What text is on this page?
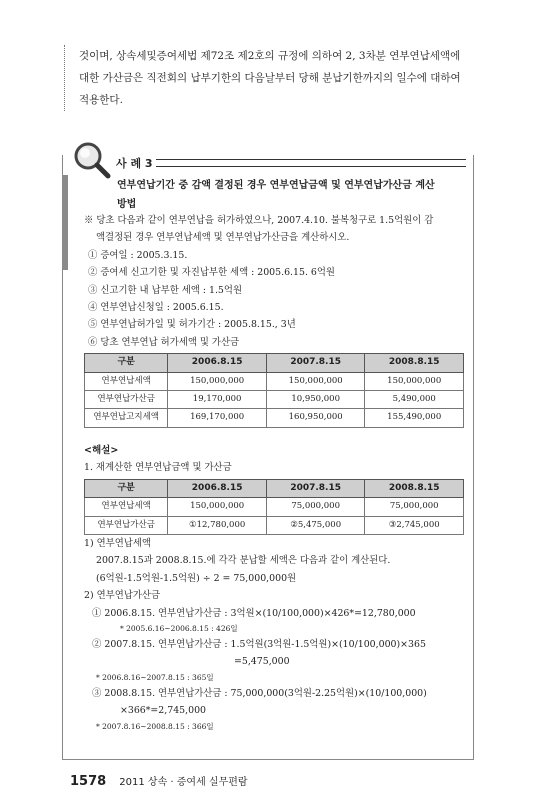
것이며, 상속세및증여세법 제72조 제2호의 규정에 의하여 2, 3차분 연부연납세액에

대한 가산금은 직전회의 납부기한의 다음날부터 당해 분납기한까지의 일수에 대하여

적용한다.

사 례 3
연부연납기간 중 감액 결정된 경우 연부연납금액 및 연부연납가산금 계산
방법

※ 당초 다음과 같이 연부연납을 허가하였으나, 2007.4.10. 불복청구로 1.5억원이 감

액결정된 경우 연부연납세액 및 연부연납가산금을 계산하시오.

① 증여일 : 2005.3.15.

② 증여세 신고기한 및 자진납부한 세액 : 2005.6.15. 6억원

③ 신고기한 내 납부한 세액 : 1.5억원

④ 연부연납신청일 : 2005.6.15.

⑤ 연부연납허가일 및 허가기간 : 2005.8.15., 3년

⑥ 당초 연부연납 허가세액 및 가산금

구분	2006.8.15	2007.8.15	2008.8.15
연부연납세액	150,000,000	150,000,000	150,000,000
연부연납가산금	19,170,000	10,950,000	5,490,000
연부연납고지세액	169,170,000	160,950,000	155,490,000

<해설>

1. 재계산한 연부연납금액 및 가산금

구분	2006.8.15	2007.8.15	2008.8.15
연부연납세액	150,000,000	75,000,000	75,000,000
연부연납가산금	①12,780,000	②5,475,000	③2,745,000

1) 연부연납세액

2007.8.15과 2008.8.15.에 각각 분납할 세액은 다음과 같이 계산된다.

(6억원-1.5억원-1.5억원) ÷ 2 = 75,000,000원

2) 연부연납가산금

① 2006.8.15. 연부연납가산금 : 3억원×(10/100,000)×426*=12,780,000

* 2005.6.16~2006.8.15 : 426일

② 2007.8.15. 연부연납가산금 : 1.5억원(3억원-1.5억원)×(10/100,000)×365

=5,475,000

* 2006.8.16~2007.8.15 : 365일

③ 2008.8.15. 연부연납가산금 : 75,000,000(3억원-2.25억원)×(10/100,000)

×366*=2,745,000

* 2007.8.16~2008.8.15 : 366일

1578 2011 상속 · 증여세 실무편람
